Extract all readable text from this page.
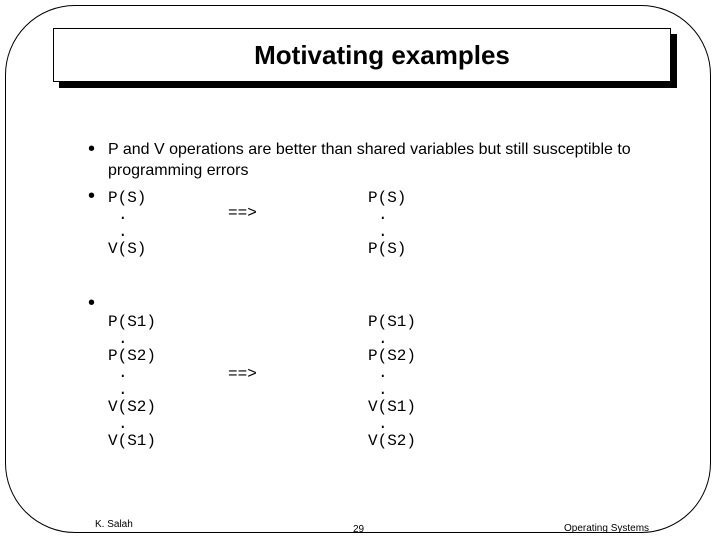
Motivating examples
• P and V operations are better than shared variables but still susceptible to programming errors
• P(S)
.
.
V(S)
==>
P(S)
.
.
P(S)
•
P(S1)
.
P(S2)
.
.
V(S2)
.
V(S1)
==>
P(S1)
.
P(S2)
.
.
V(S1)
.
V(S2)
K. Salah	29	Operating Systems
